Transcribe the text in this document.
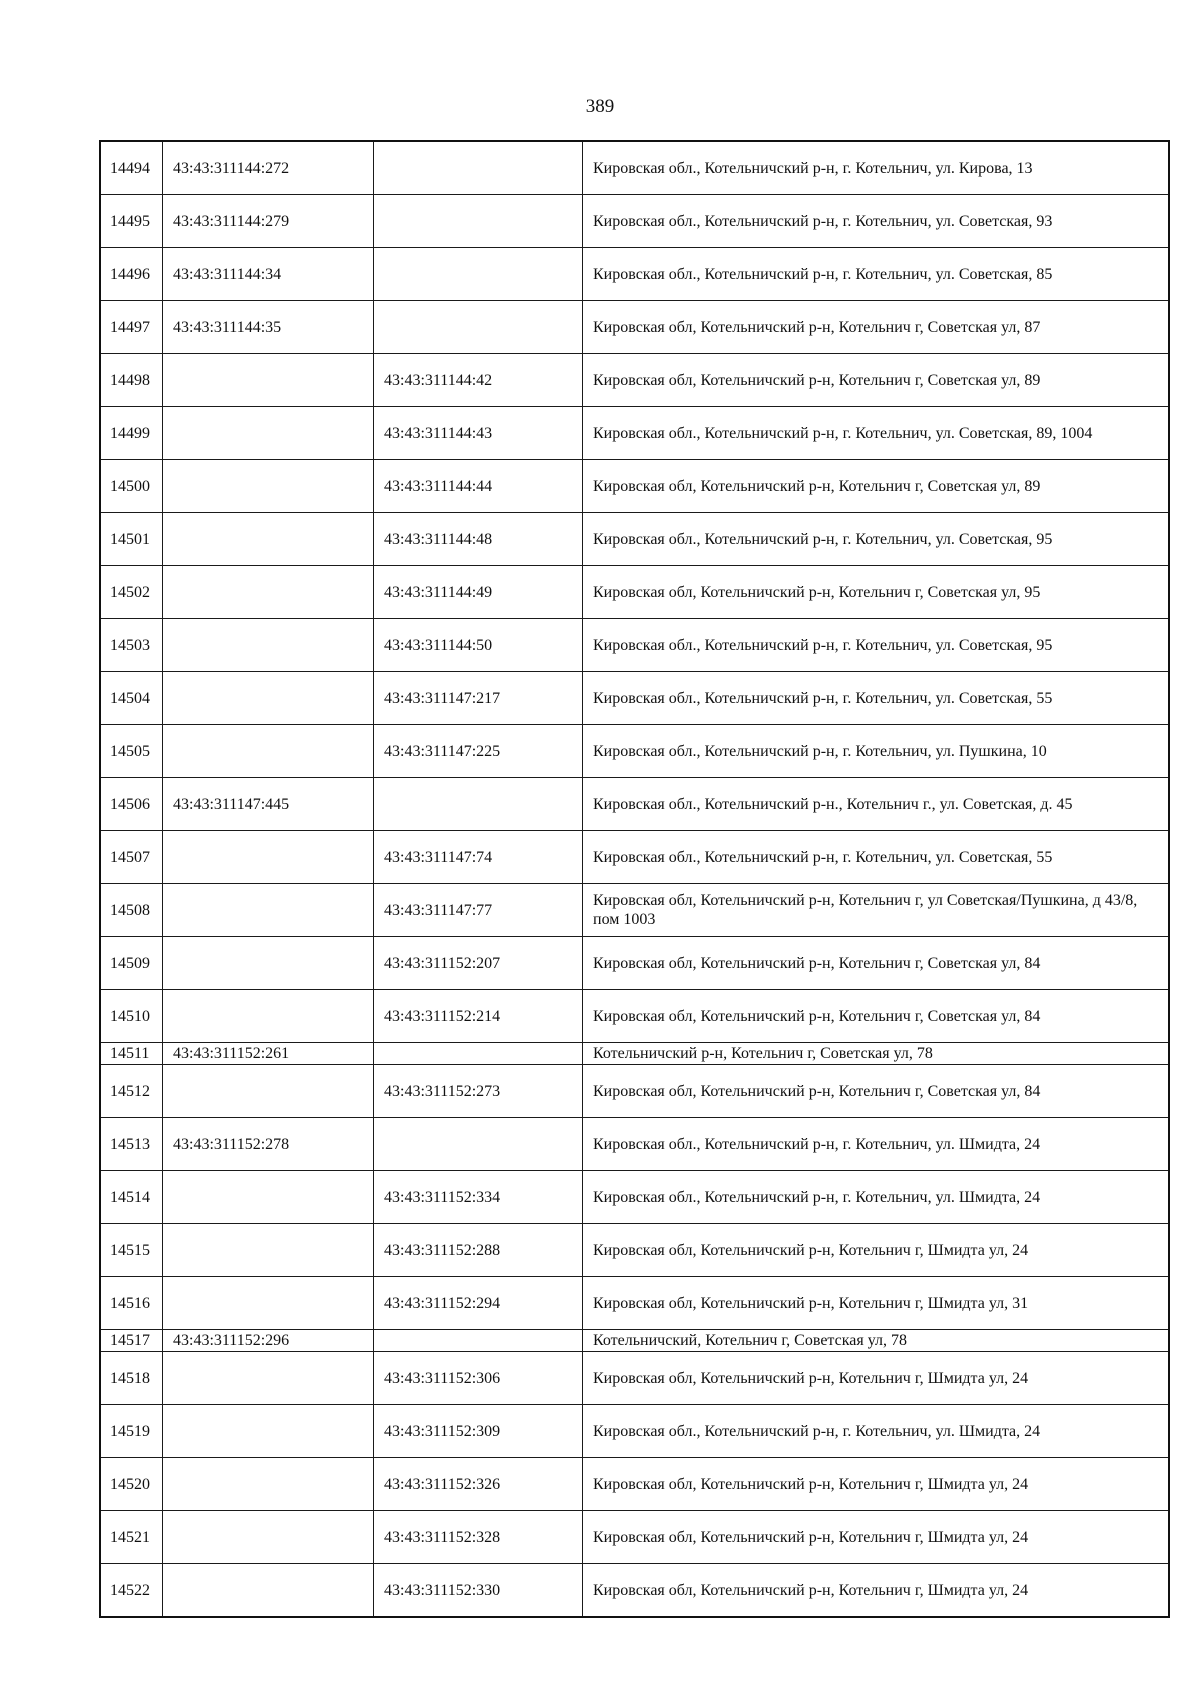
389
14494	43:43:311144:272		Кировская обл., Котельничский р-н, г. Котельнич, ул. Кирова, 13
14495	43:43:311144:279		Кировская обл., Котельничский р-н, г. Котельнич, ул. Советская, 93
14496	43:43:311144:34		Кировская обл., Котельничский р-н, г. Котельнич, ул. Советская, 85
14497	43:43:311144:35		Кировская обл, Котельничский р-н, Котельнич г, Советская ул, 87
14498		43:43:311144:42	Кировская обл, Котельничский р-н, Котельнич г, Советская ул, 89
14499		43:43:311144:43	Кировская обл., Котельничский р-н, г. Котельнич, ул. Советская, 89, 1004
14500		43:43:311144:44	Кировская обл, Котельничский р-н, Котельнич г, Советская ул, 89
14501		43:43:311144:48	Кировская обл., Котельничский р-н, г. Котельнич, ул. Советская, 95
14502		43:43:311144:49	Кировская обл, Котельничский р-н, Котельнич г, Советская ул, 95
14503		43:43:311144:50	Кировская обл., Котельничский р-н, г. Котельнич, ул. Советская, 95
14504		43:43:311147:217	Кировская обл., Котельничский р-н, г. Котельнич, ул. Советская, 55
14505		43:43:311147:225	Кировская обл., Котельничский р-н, г. Котельнич, ул. Пушкина, 10
14506	43:43:311147:445		Кировская обл., Котельничский р-н., Котельнич г., ул. Советская, д. 45
14507		43:43:311147:74	Кировская обл., Котельничский р-н, г. Котельнич, ул. Советская, 55
14508		43:43:311147:77	Кировская обл, Котельничский р-н, Котельнич г, ул Советская/Пушкина, д 43/8, пом 1003
14509		43:43:311152:207	Кировская обл, Котельничский р-н, Котельнич г, Советская ул, 84
14510		43:43:311152:214	Кировская обл, Котельничский р-н, Котельнич г, Советская ул, 84
14511	43:43:311152:261		Котельничский р-н, Котельнич г, Советская ул, 78
14512		43:43:311152:273	Кировская обл, Котельничский р-н, Котельнич г, Советская ул, 84
14513	43:43:311152:278		Кировская обл., Котельничский р-н, г. Котельнич, ул. Шмидта, 24
14514		43:43:311152:334	Кировская обл., Котельничский р-н, г. Котельнич, ул. Шмидта, 24
14515		43:43:311152:288	Кировская обл, Котельничский р-н, Котельнич г, Шмидта ул, 24
14516		43:43:311152:294	Кировская обл, Котельничский р-н, Котельнич г, Шмидта ул, 31
14517	43:43:311152:296		Котельничский, Котельнич г, Советская ул, 78
14518		43:43:311152:306	Кировская обл, Котельничский р-н, Котельнич г, Шмидта ул, 24
14519		43:43:311152:309	Кировская обл., Котельничский р-н, г. Котельнич, ул. Шмидта, 24
14520		43:43:311152:326	Кировская обл, Котельничский р-н, Котельнич г, Шмидта ул, 24
14521		43:43:311152:328	Кировская обл, Котельничский р-н, Котельнич г, Шмидта ул, 24
14522		43:43:311152:330	Кировская обл, Котельничский р-н, Котельнич г, Шмидта ул, 24
